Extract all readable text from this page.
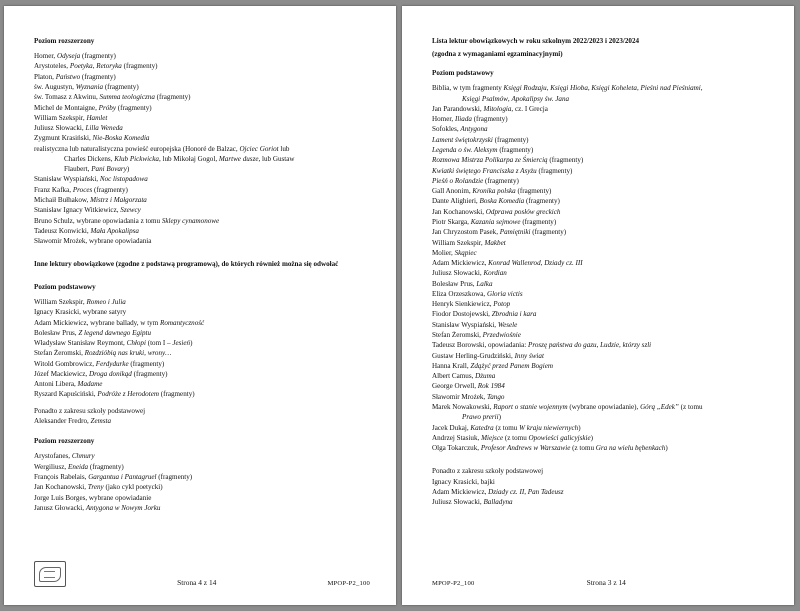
Poziom rozszerzony
Homer, Odyseja (fragmenty)
Arystoteles, Poetyka, Retoryka (fragmenty)
Platon, Państwo (fragmenty)
św. Augustyn, Wyznania (fragmenty)
św. Tomasz z Akwinu, Summa teologiczna (fragmenty)
Michel de Montaigne, Próby (fragmenty)
William Szekspir, Hamlet
Juliusz Słowacki, Lilla Weneda
Zygmunt Krasiński, Nie-Boska Komedia
realistyczna lub naturalistyczna powieść europejska (Honoré de Balzac, Ojciec Goriot lub
Charles Dickens, Klub Pickwicka, lub Mikołaj Gogol, Martwe dusze, lub Gustaw
Flaubert, Pani Bovary)
Stanisław Wyspiański, Noc listopadowa
Franz Kafka, Proces (fragmenty)
Michaił Bułhakow, Mistrz i Małgorzata
Stanisław Ignacy Witkiewicz, Szewcy
Bruno Schulz, wybrane opowiadania z tomu Sklepy cynamonowe
Tadeusz Konwicki, Mała Apokalipsa
Sławomir Mrożek, wybrane opowiadania
Inne lektury obowiązkowe (zgodne z podstawą programową), do których również można się odwołać
Poziom podstawowy
William Szekspir, Romeo i Julia
Ignacy Krasicki, wybrane satyry
Adam Mickiewicz, wybrane ballady, w tym Romantyczność
Bolesław Prus, Z legend dawnego Egiptu
Władysław Stanisław Reymont, Chłopi (tom I – Jesień)
Stefan Żeromski, Rozdzióbią nas kruki, wrony…
Witold Gombrowicz, Ferdydurke (fragmenty)
Józef Mackiewicz, Droga donikąd (fragmenty)
Antoni Libera, Madame
Ryszard Kapuściński, Podróże z Herodotem (fragmenty)
Ponadto z zakresu szkoły podstawowej
Aleksander Fredro, Zemsta
Poziom rozszerzony
Arystofanes, Chmury
Wergiliusz, Eneida (fragmenty)
François Rabelais, Gargantua i Pantagruel (fragmenty)
Jan Kochanowski, Treny (jako cykl poetycki)
Jorge Luis Borges, wybrane opowiadanie
Janusz Głowacki, Antygona w Nowym Jorku
Strona 4 z 14	MPOP-P2_100
Lista lektur obowiązkowych w roku szkolnym 2022/2023 i 2023/2024
(zgodna z wymaganiami egzaminacyjnymi)
Poziom podstawowy
Biblia, w tym fragmenty Księgi Rodzaju, Księgi Hioba, Księgi Koheleta, Pieśni nad Pieśniami,
Księgi Psalmów, Apokalipsy św. Jana
Jan Parandowski, Mitologia, cz. I Grecja
Homer, Iliada (fragmenty)
Sofokles, Antygona
Lament świętokrzyski (fragmenty)
Legenda o św. Aleksym (fragmenty)
Rozmowa Mistrza Polikarpa ze Śmiercią (fragmenty)
Kwiatki świętego Franciszka z Asyżu (fragmenty)
Pieśń o Rolandzie (fragmenty)
Gall Anonim, Kronika polska (fragmenty)
Dante Alighieri, Boska Komedia (fragmenty)
Jan Kochanowski, Odprawa posłów greckich
Piotr Skarga, Kazania sejmowe (fragmenty)
Jan Chryzostom Pasek, Pamiętniki (fragmenty)
William Szekspir, Makbet
Molier, Skąpiec
Adam Mickiewicz, Konrad Wallenrod, Dziady cz. III
Juliusz Słowacki, Kordian
Bolesław Prus, Lalka
Eliza Orzeszkowa, Gloria victis
Henryk Sienkiewicz, Potop
Fiodor Dostojewski, Zbrodnia i kara
Stanisław Wyspiański, Wesele
Stefan Żeromski, Przedwiośnie
Tadeusz Borowski, opowiadania: Proszę państwa do gazu, Ludzie, którzy szli
Gustaw Herling-Grudziński, Inny świat
Hanna Krall, Zdążyć przed Panem Bogiem
Albert Camus, Dżuma
George Orwell, Rok 1984
Sławomir Mrożek, Tango
Marek Nowakowski, Raport o stanie wojennym (wybrane opowiadanie), Górą „Edek” (z tomu
Prawo prerii)
Jacek Dukaj, Katedra (z tomu W kraju niewiernych)
Andrzej Stasiuk, Miejsce (z tomu Opowieści galicyjskie)
Olga Tokarczuk, Profesor Andrews w Warszawie (z tomu Gra na wielu bębenkach)
Ponadto z zakresu szkoły podstawowej
Ignacy Krasicki, bajki
Adam Mickiewicz, Dziady cz. II, Pan Tadeusz
Juliusz Słowacki, Balladyna
MPOP-P2_100	Strona 3 z 14
